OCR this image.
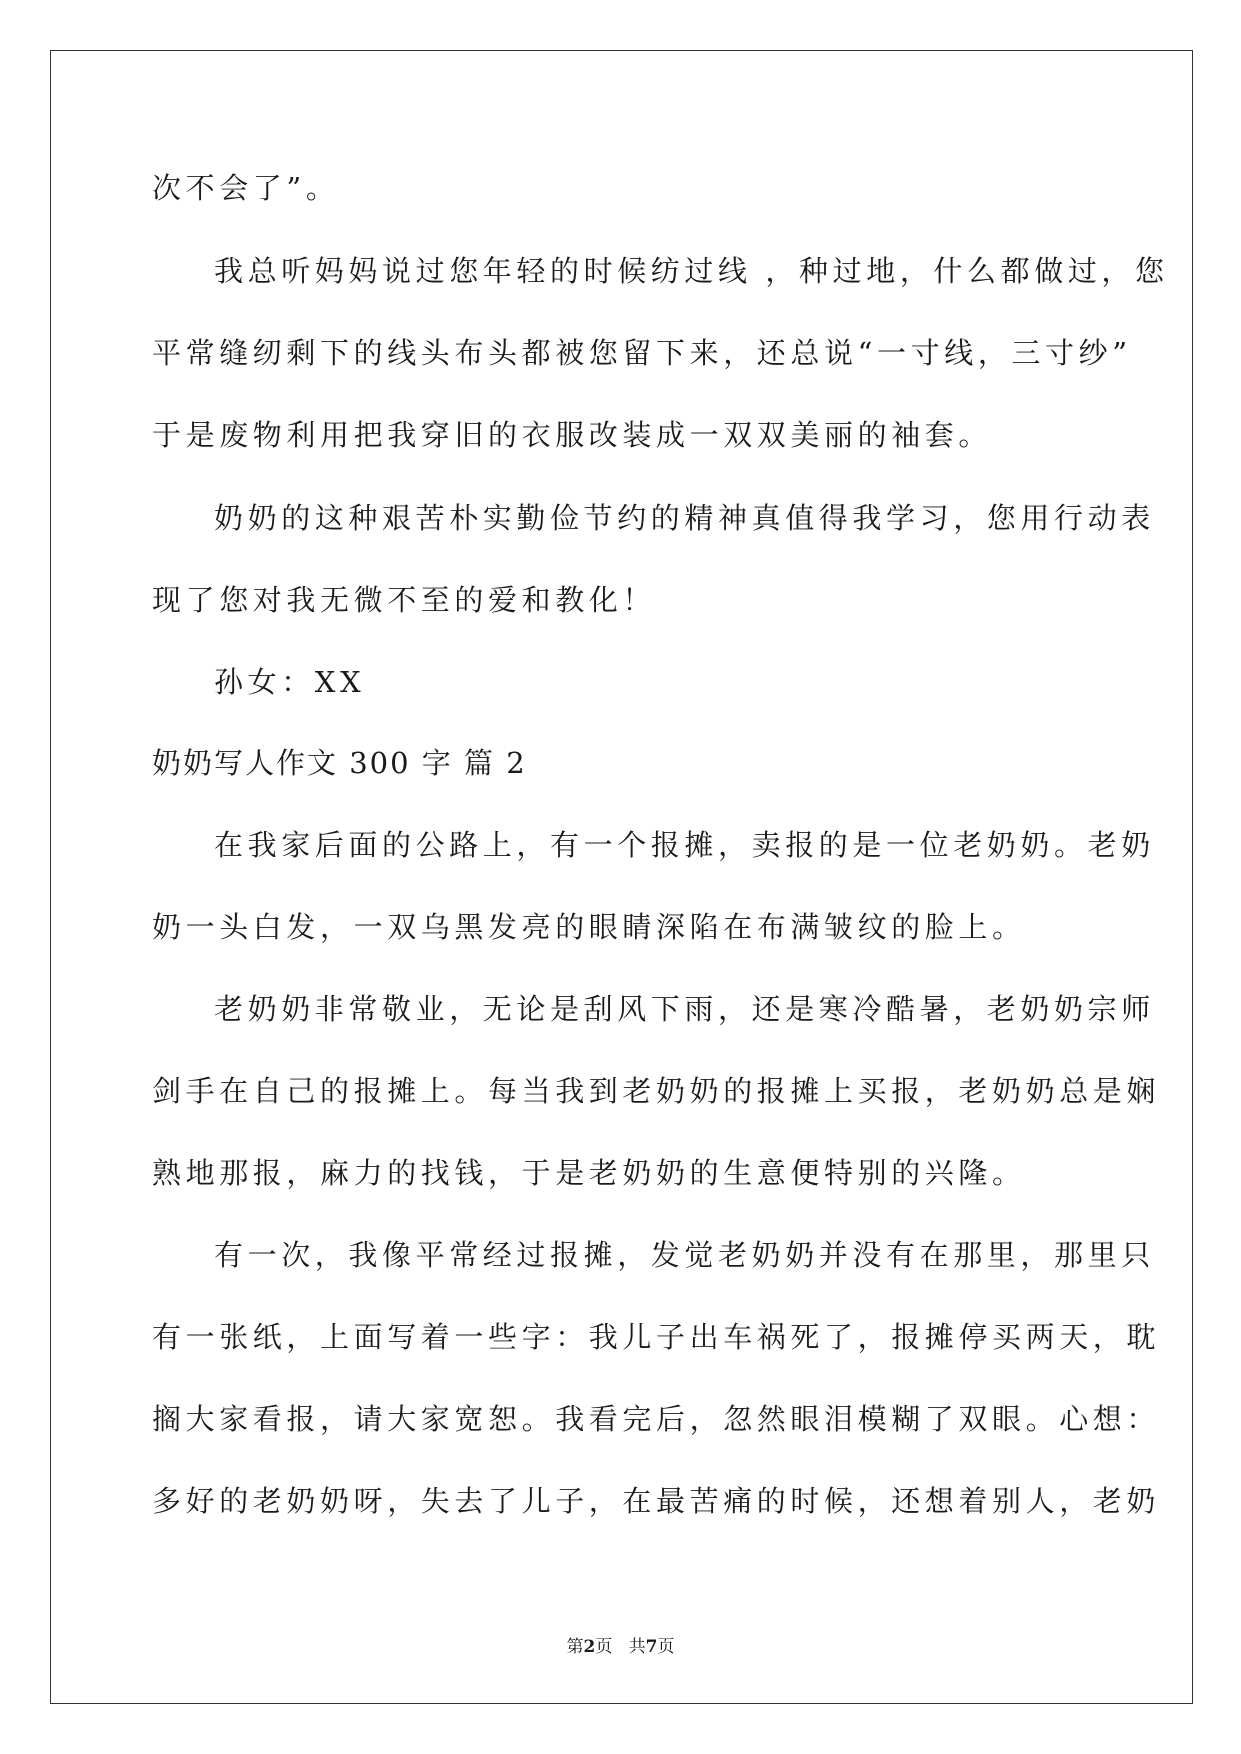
次不会了”。
我总听妈妈说过您年轻的时候纺过线 ，种过地，什么都做过，您
平常缝纫剩下的线头布头都被您留下来，还总说“一寸线，三寸纱”
于是废物利用把我穿旧的衣服改装成一双双美丽的袖套。
奶奶的这种艰苦朴实勤俭节约的精神真值得我学习，您用行动表
现了您对我无微不至的爱和教化！
孙女：XX
奶奶写人作文 300 字 篇 2
在我家后面的公路上，有一个报摊，卖报的是一位老奶奶。老奶
奶一头白发，一双乌黑发亮的眼睛深陷在布满皱纹的脸上。
老奶奶非常敬业，无论是刮风下雨，还是寒冷酷暑，老奶奶宗师
剑手在自己的报摊上。每当我到老奶奶的报摊上买报，老奶奶总是娴
熟地那报，麻力的找钱，于是老奶奶的生意便特别的兴隆。
有一次，我像平常经过报摊，发觉老奶奶并没有在那里，那里只
有一张纸，上面写着一些字：我儿子出车祸死了，报摊停买两天，耽
搁大家看报，请大家宽恕。我看完后，忽然眼泪模糊了双眼。心想：
多好的老奶奶呀，失去了儿子，在最苦痛的时候，还想着别人，老奶
第2页 共7页
